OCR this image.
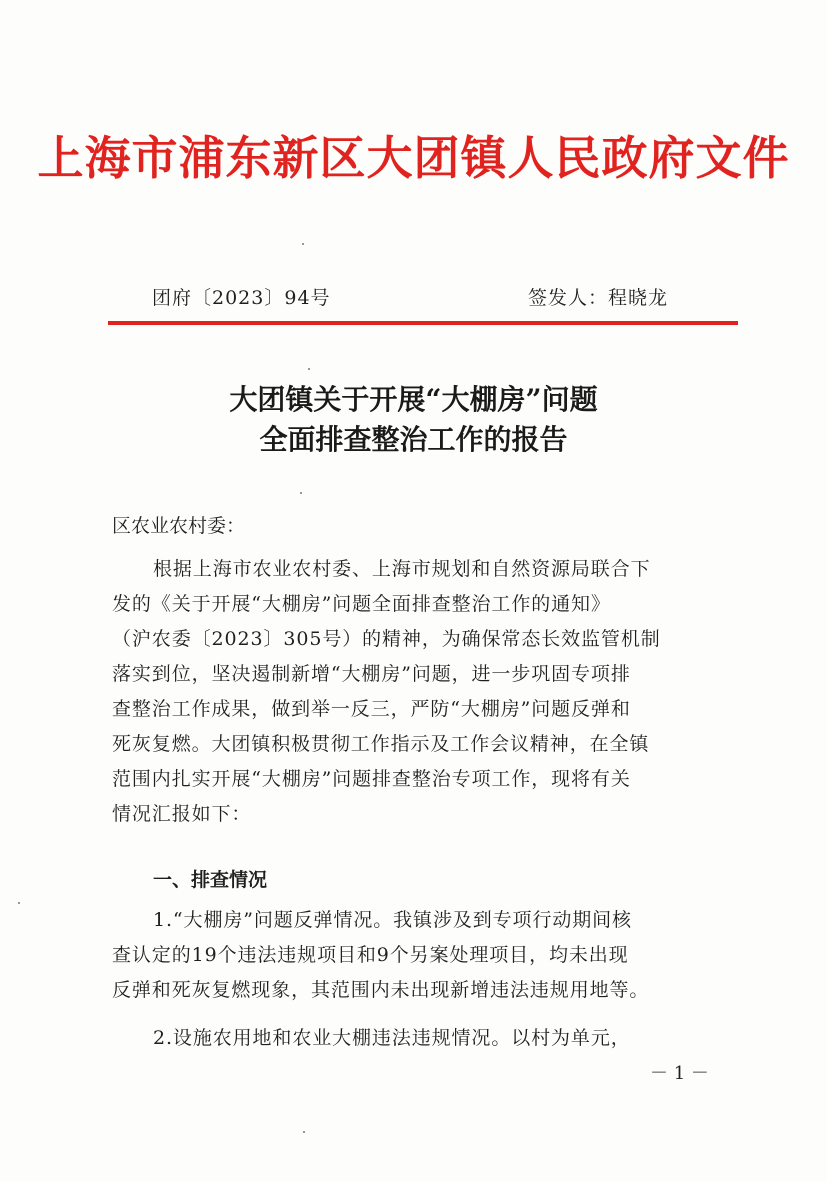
上海市浦东新区大团镇人民政府文件
团府〔2023〕94号	签发人：程晓龙
大团镇关于开展“大棚房”问题
全面排查整治工作的报告
区农业农村委：
根据上海市农业农村委、上海市规划和自然资源局联合下
发的《关于开展“大棚房”问题全面排查整治工作的通知》
（沪农委〔2023〕305号）的精神，为确保常态长效监管机制
落实到位，坚决遏制新增“大棚房”问题，进一步巩固专项排
查整治工作成果，做到举一反三，严防“大棚房”问题反弹和
死灰复燃。大团镇积极贯彻工作指示及工作会议精神，在全镇
范围内扎实开展“大棚房”问题排查整治专项工作，现将有关
情况汇报如下：
一、排查情况
1.“大棚房”问题反弹情况。我镇涉及到专项行动期间核
查认定的19个违法违规项目和9个另案处理项目，均未出现
反弹和死灰复燃现象，其范围内未出现新增违法违规用地等。
2.设施农用地和农业大棚违法违规情况。以村为单元，
－ 1 －
